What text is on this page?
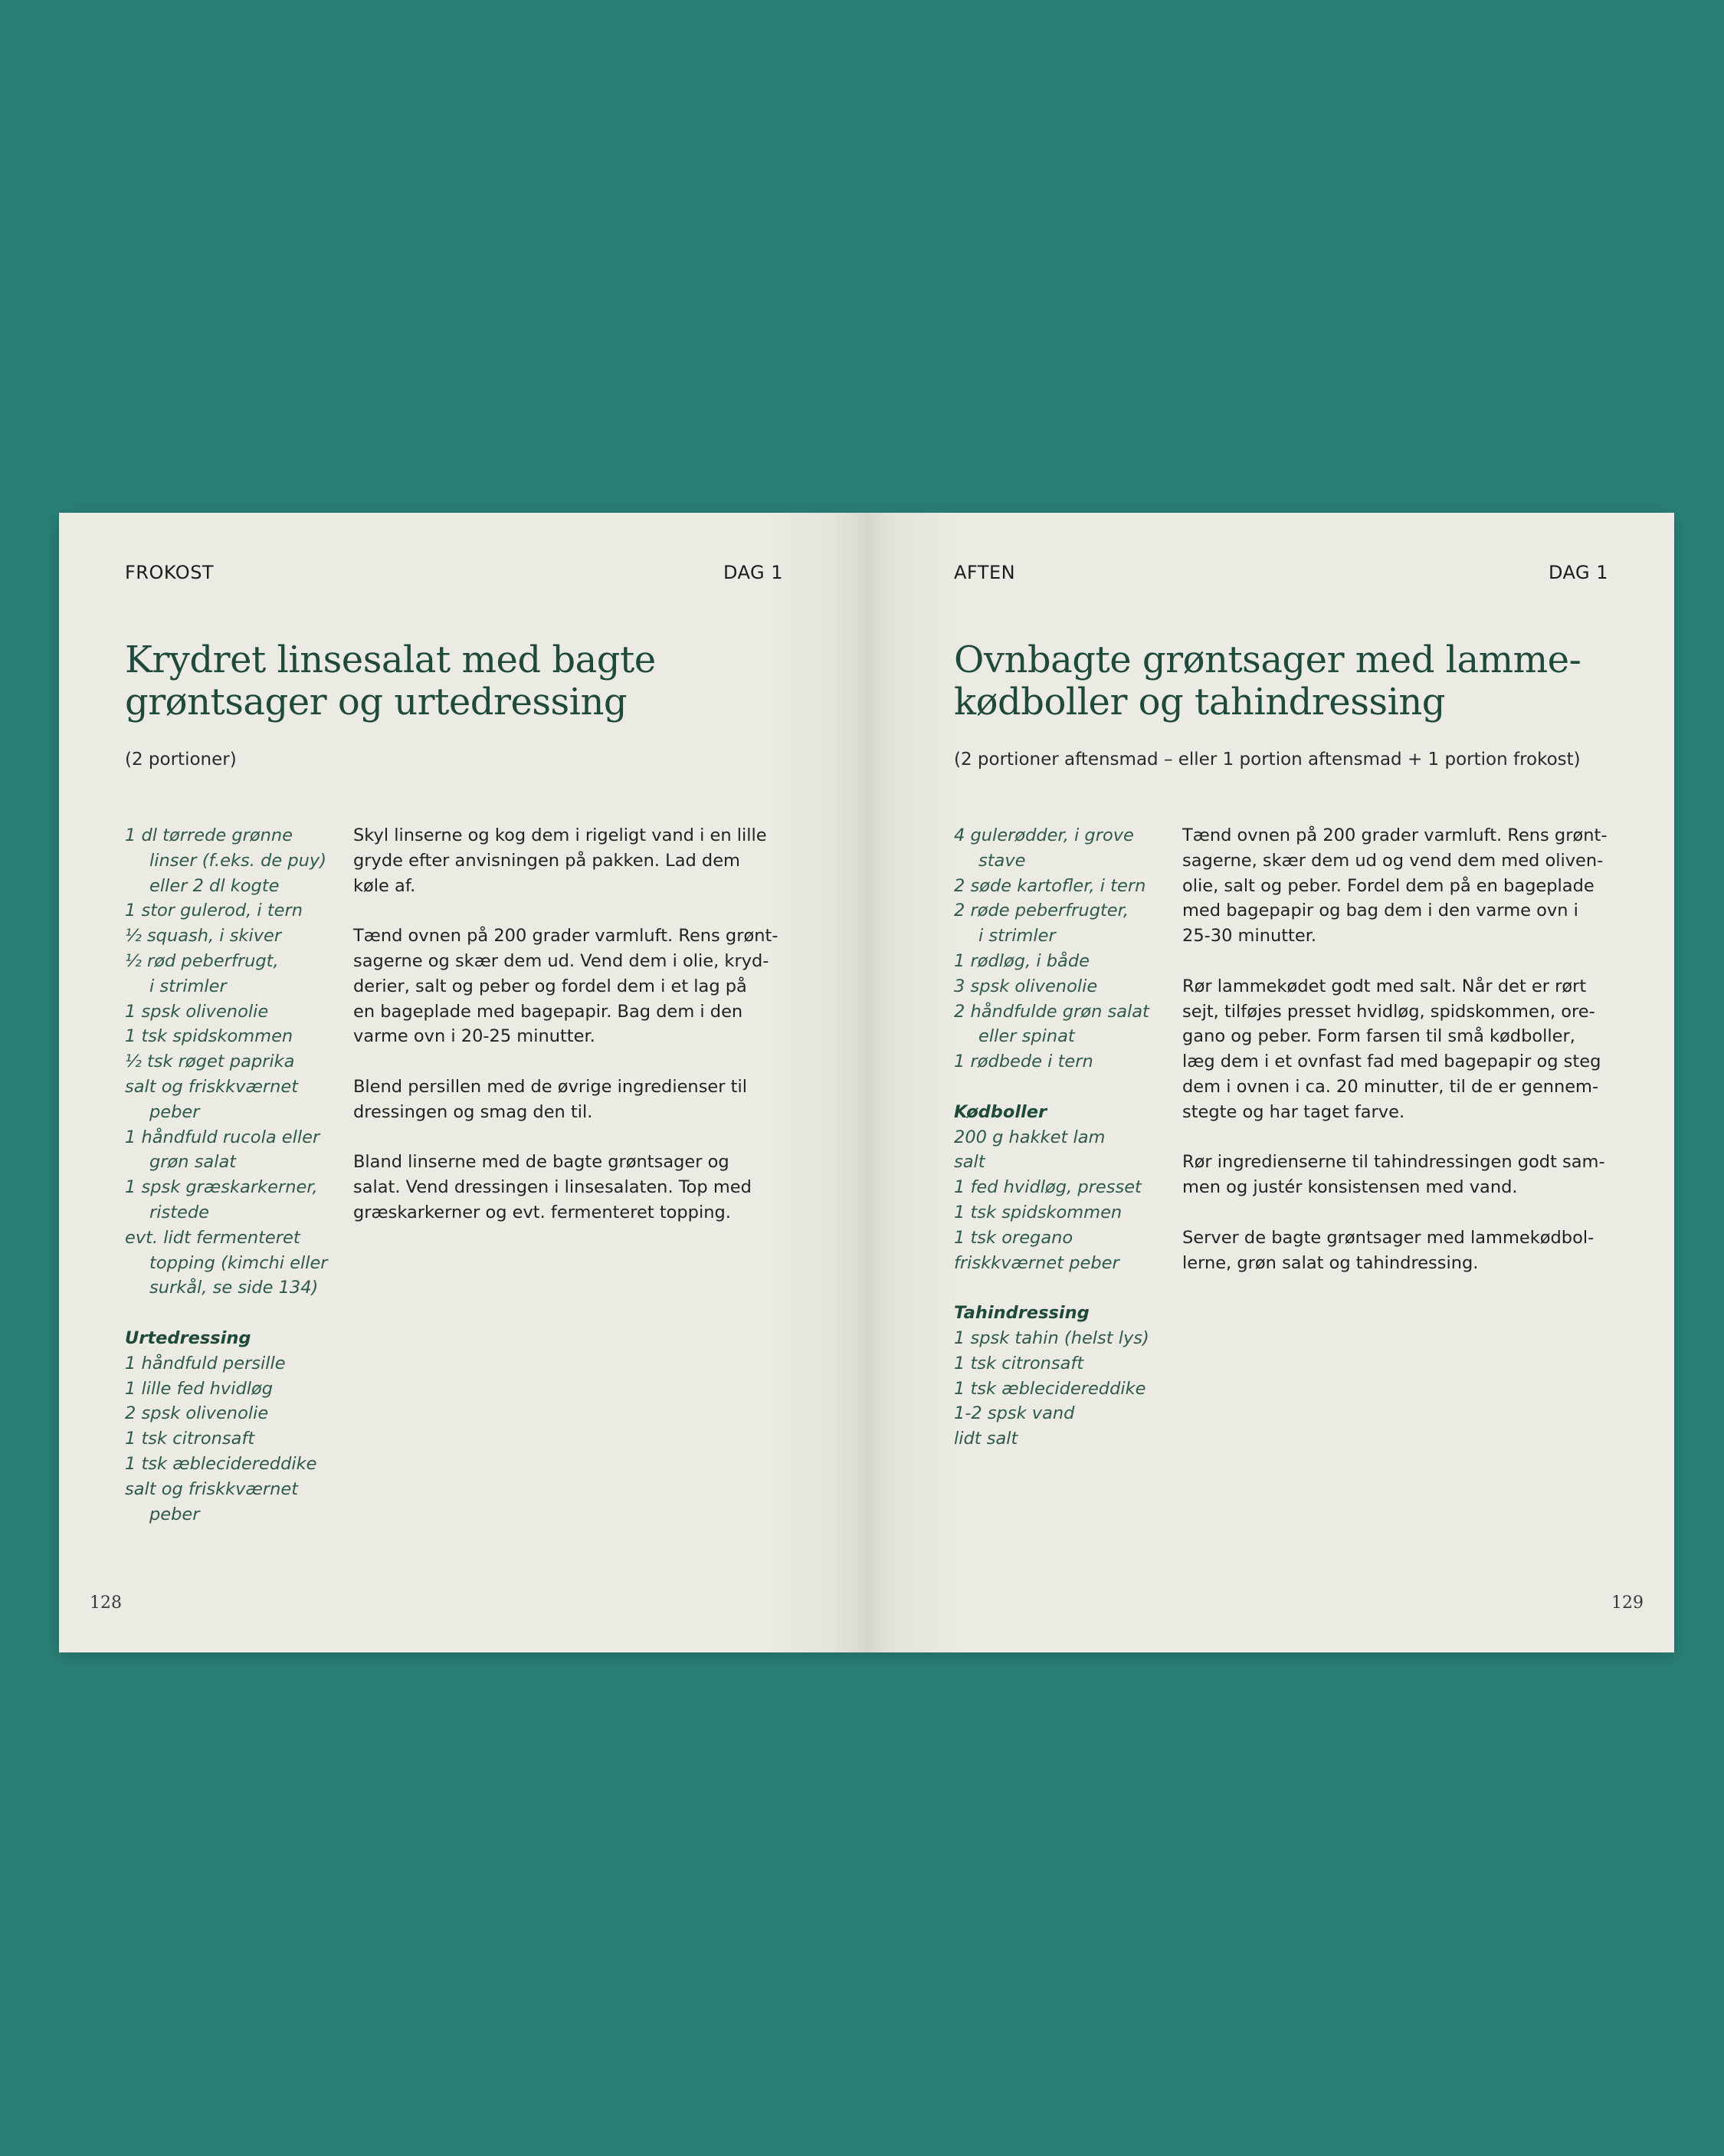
FROKOST	DAG 1
Krydret linsesalat med bagte
grøntsager og urtedressing
(2 portioner)
1 dl tørrede grønne
linser (f.eks. de puy)
eller 2 dl kogte
1 stor gulerod, i tern
½ squash, i skiver
½ rød peberfrugt,
i strimler
1 spsk olivenolie
1 tsk spidskommen
½ tsk røget paprika
salt og friskkværnet
peber
1 håndfuld rucola eller
grøn salat
1 spsk græskarkerner,
ristede
evt. lidt fermenteret
topping (kimchi eller
surkål, se side 134)
Urtedressing
1 håndfuld persille
1 lille fed hvidløg
2 spsk olivenolie
1 tsk citronsaft
1 tsk æblecidereddike
salt og friskkværnet
peber
Skyl linserne og kog dem i rigeligt vand i en lille
gryde efter anvisningen på pakken. Lad dem
køle af.
Tænd ovnen på 200 grader varmluft. Rens grønt-
sagerne og skær dem ud. Vend dem i olie, kryd-
derier, salt og peber og fordel dem i et lag på
en bageplade med bagepapir. Bag dem i den
varme ovn i 20-25 minutter.
Blend persillen med de øvrige ingredienser til
dressingen og smag den til.
Bland linserne med de bagte grøntsager og
salat. Vend dressingen i linsesalaten. Top med
græskarkerner og evt. fermenteret topping.
128
AFTEN	DAG 1
Ovnbagte grøntsager med lamme-
kødboller og tahindressing
(2 portioner aftensmad – eller 1 portion aftensmad + 1 portion frokost)
4 gulerødder, i grove
stave
2 søde kartofler, i tern
2 røde peberfrugter,
i strimler
1 rødløg, i både
3 spsk olivenolie
2 håndfulde grøn salat
eller spinat
1 rødbede i tern
Kødboller
200 g hakket lam
salt
1 fed hvidløg, presset
1 tsk spidskommen
1 tsk oregano
friskkværnet peber
Tahindressing
1 spsk tahin (helst lys)
1 tsk citronsaft
1 tsk æblecidereddike
1-2 spsk vand
lidt salt
Tænd ovnen på 200 grader varmluft. Rens grønt-
sagerne, skær dem ud og vend dem med oliven-
olie, salt og peber. Fordel dem på en bageplade
med bagepapir og bag dem i den varme ovn i
25-30 minutter.
Rør lammekødet godt med salt. Når det er rørt
sejt, tilføjes presset hvidløg, spidskommen, ore-
gano og peber. Form farsen til små kødboller,
læg dem i et ovnfast fad med bagepapir og steg
dem i ovnen i ca. 20 minutter, til de er gennem-
stegte og har taget farve.
Rør ingredienserne til tahindressingen godt sam-
men og justér konsistensen med vand.
Server de bagte grøntsager med lammekødbol-
lerne, grøn salat og tahindressing.
129
